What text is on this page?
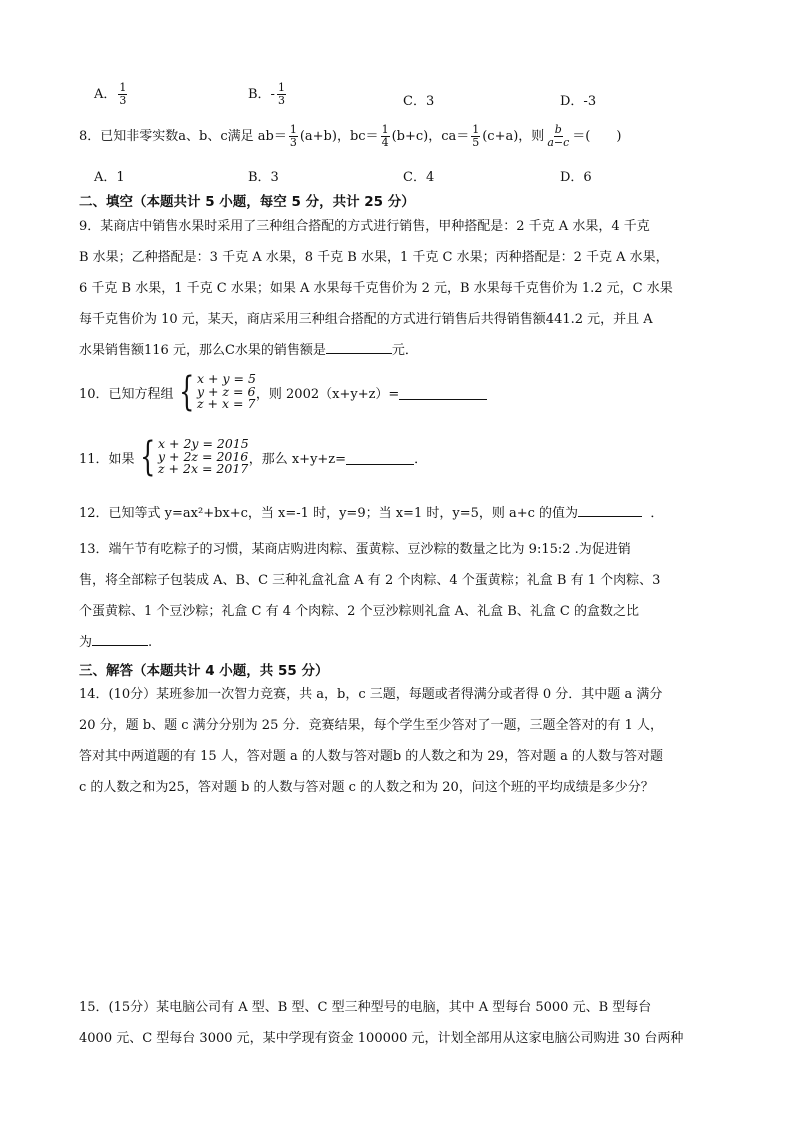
A． $\frac{1}{3}$	B．- $\frac{1}{3}$	C．3	D．-3
8．已知非零实数a、b、c满足 $ab= \frac{1}{3} (a+b)$，$bc= \frac{1}{4} (b+c)$，$ca= \frac{1}{5} (c+a)$，则 $\frac{b}{a-c}$ ＝(　　)
A．1	B．3	C．4	D．6
二、填空（本题共计 5 小题，每空 5 分，共计 25 分）
9．某商店中销售水果时采用了三种组合搭配的方式进行销售，甲种搭配是：2 千克 A 水果，4 千克
B 水果；乙种搭配是：3 千克 A 水果，8 千克 B 水果，1 千克 C 水果；丙种搭配是：2 千克 A 水果，
6 千克 B 水果，1 千克 C 水果；如果 A 水果每千克售价为 2 元，B 水果每千克售价为 1.2 元，C 水果
每千克售价为 10 元，某天，商店采用三种组合搭配的方式进行销售后共得销售额441.2 元，并且 A
水果销售额116 元，那么C水果的销售额是	元．
10．已知方程组 { x + y = 5
y + z = 6
z + x = 7
，则 2002（x+y+z）=
11．如果 { x + 2y = 2015
y + 2z = 2016
z + 2x = 2017
，那么 x+y+z=	．
12．已知等式 y=ax²+bx+c，当 x=-1 时，y=9；当 x=1 时，y=5，则 a+c 的值为	．
13．端午节有吃粽子的习惯，某商店购进肉粽、蛋黄粽、豆沙粽的数量之比为 9:15:2 .为促进销
售，将全部粽子包装成 A、B、C 三种礼盒礼盒 A 有 2 个肉粽、4 个蛋黄粽；礼盒 B 有 1 个肉粽、3
个蛋黄粽、1 个豆沙粽；礼盒 C 有 4 个肉粽、2 个豆沙粽则礼盒 A、礼盒 B、礼盒 C 的盒数之比
为	.
三、解答（本题共计 4 小题，共 55 分）
14．(10分）某班参加一次智力竞赛，共 a，b，c 三题，每题或者得满分或者得 0 分．其中题 a 满分
20 分，题 b、题 c 满分分别为 25 分．竞赛结果，每个学生至少答对了一题，三题全答对的有 1 人，
答对其中两道题的有 15 人，答对题 a 的人数与答对题b 的人数之和为 29，答对题 a 的人数与答对题
c 的人数之和为25，答对题 b 的人数与答对题 c 的人数之和为 20，问这个班的平均成绩是多少分？
15．(15分）某电脑公司有 A 型、B 型、C 型三种型号的电脑，其中 A 型每台 5000 元、B 型每台
4000 元、C 型每台 3000 元，某中学现有资金 100000 元，计划全部用从这家电脑公司购进 30 台两种
